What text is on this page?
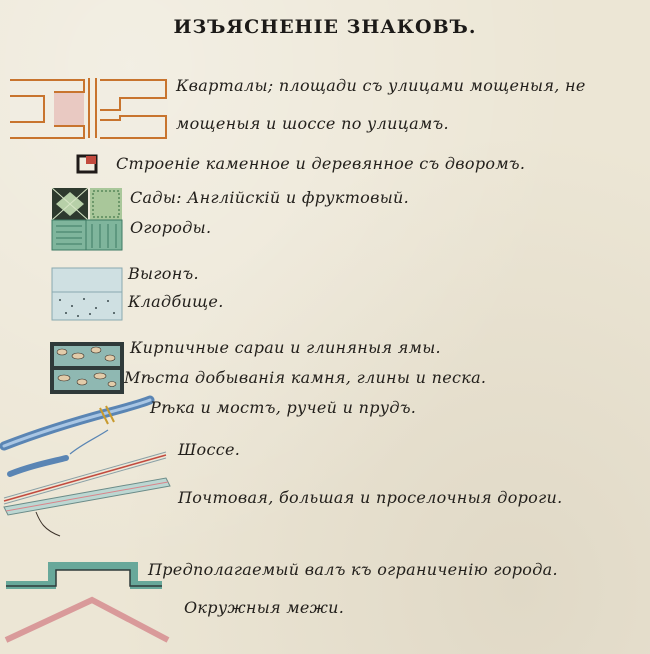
ИЗЪЯСНЕНІЕ ЗНАКОВЪ.
Кварталы; площади съ улицами мощеныя, не
мощеныя и шоссе по улицамъ.
Строеніе каменное и деревянное съ дворомъ.
Сады: Англійскій и фруктовый.
Огороды.
Выгонъ.
Кладбище.
Кирпичные сараи и глиняныя ямы.
Мѣста добыванія камня, глины и песка.
Рѣка и мостъ, ручей и прудъ.
Шоссе.
Почтовая, большая и проселочныя дороги.
Предполагаемый валъ къ ограниченію города.
Окружныя межи.
